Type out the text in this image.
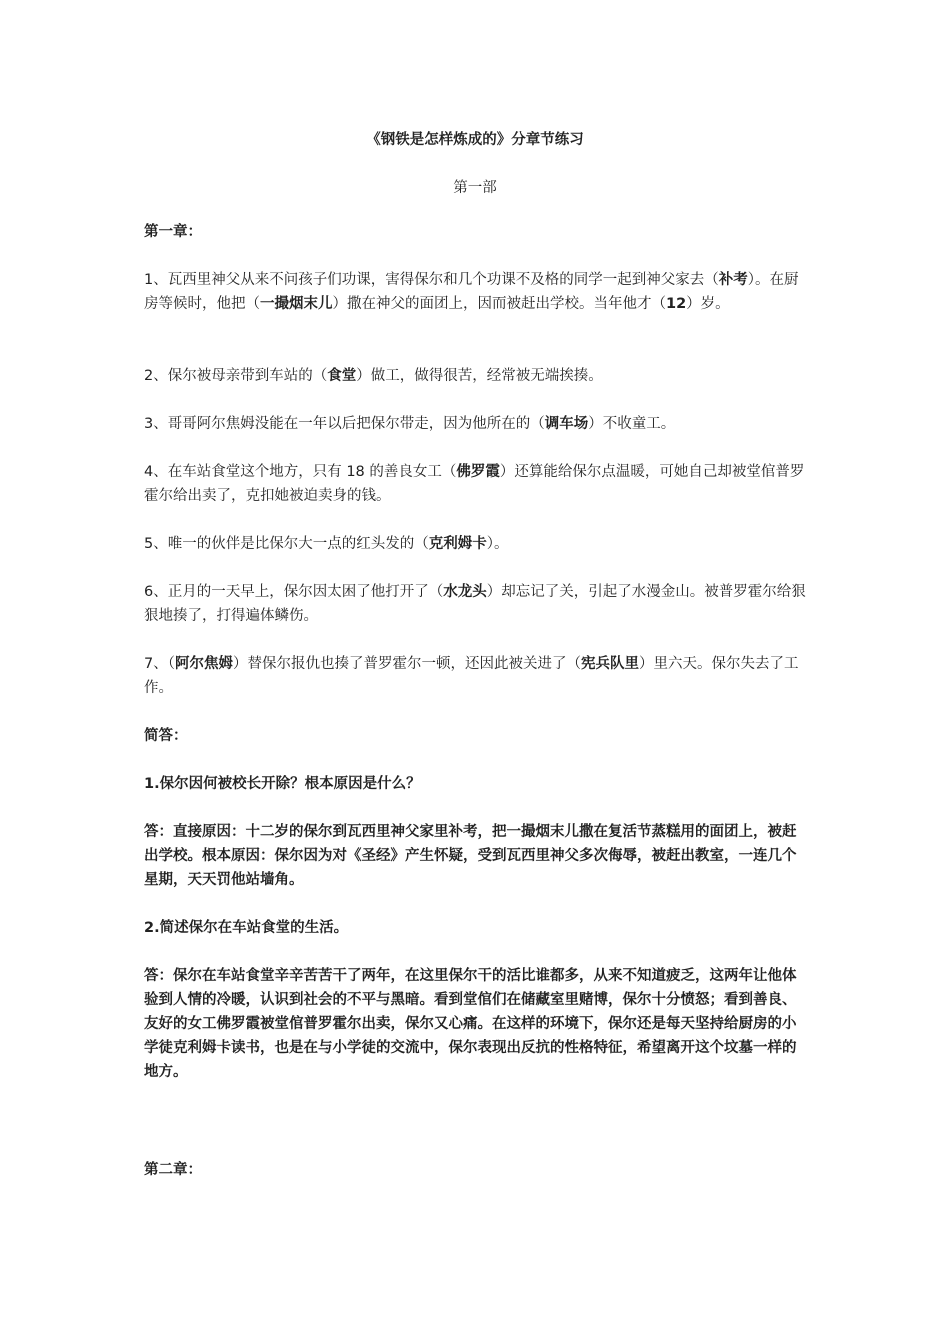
《钢铁是怎样炼成的》分章节练习
第一部
第一章：
1、瓦西里神父从来不问孩子们功课，害得保尔和几个功课不及格的同学一起到神父家去（补考）。在厨房等候时，他把（一撮烟末儿）撒在神父的面团上，因而被赶出学校。当年他才（12）岁。
2、保尔被母亲带到车站的（食堂）做工，做得很苦，经常被无端挨揍。
3、哥哥阿尔焦姆没能在一年以后把保尔带走，因为他所在的（调车场）不收童工。
4、在车站食堂这个地方，只有 18 的善良女工（佛罗霞）还算能给保尔点温暖，可她自己却被堂倌普罗霍尔给出卖了，克扣她被迫卖身的钱。
5、唯一的伙伴是比保尔大一点的红头发的（克利姆卡）。
6、正月的一天早上，保尔因太困了他打开了（水龙头）却忘记了关，引起了水漫金山。被普罗霍尔给狠狠地揍了，打得遍体鳞伤。
7、（阿尔焦姆）替保尔报仇也揍了普罗霍尔一顿，还因此被关进了（宪兵队里）里六天。保尔失去了工作。
简答：
1.保尔因何被校长开除？根本原因是什么？
答：直接原因：十二岁的保尔到瓦西里神父家里补考，把一撮烟末儿撒在复活节蒸糕用的面团上，被赶出学校。根本原因：保尔因为对《圣经》产生怀疑，受到瓦西里神父多次侮辱，被赶出教室，一连几个星期，天天罚他站墙角。
2.简述保尔在车站食堂的生活。
答：保尔在车站食堂辛辛苦苦干了两年，在这里保尔干的活比谁都多，从来不知道疲乏，这两年让他体验到人情的冷暖，认识到社会的不平与黑暗。看到堂倌们在储藏室里赌博，保尔十分愤怒；看到善良、友好的女工佛罗霞被堂倌普罗霍尔出卖，保尔又心痛。在这样的环境下，保尔还是每天坚持给厨房的小学徒克利姆卡读书，也是在与小学徒的交流中，保尔表现出反抗的性格特征，希望离开这个坟墓一样的地方。
第二章：
